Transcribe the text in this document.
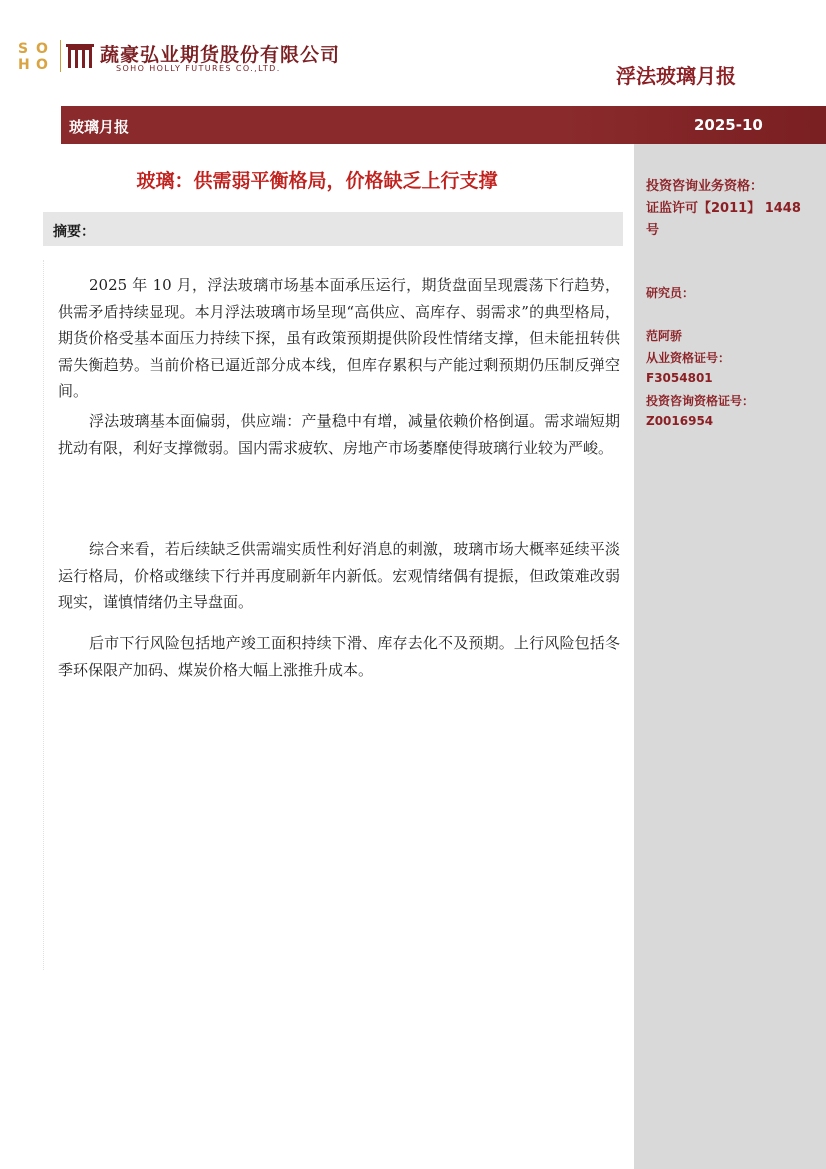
S O
H O	蔬豪弘业期货股份有限公司
SOHO HOLLY FUTURES CO.,LTD.	浮法玻璃月报
玻璃月报	2025-10
投资咨询业务资格：
证监许可【2011】 1448
号
研究员：
范阿骄
从业资格证号：
F3054801
投资咨询资格证号：
Z0016954
玻璃：供需弱平衡格局，价格缺乏上行支撑
摘要：

2025 年 10 月，浮法玻璃市场基本面承压运行，期货盘面呈现震荡下行趋势，供需矛盾持续显现。本月浮法玻璃市场呈现“高供应、高库存、弱需求”的典型格局，期货价格受基本面压力持续下探，虽有政策预期提供阶段性情绪支撑，但未能扭转供需失衡趋势。当前价格已逼近部分成本线，但库存累积与产能过剩预期仍压制反弹空间。

浮法玻璃基本面偏弱，供应端：产量稳中有增，减量依赖价格倒逼。需求端短期扰动有限，利好支撑微弱。国内需求疲软、房地产市场萎靡使得玻璃行业较为严峻。

综合来看，若后续缺乏供需端实质性利好消息的刺激，玻璃市场大概率延续平淡运行格局，价格或继续下行并再度刷新年内新低。宏观情绪偶有提振，但政策难改弱现实，谨慎情绪仍主导盘面。

后市下行风险包括地产竣工面积持续下滑、库存去化不及预期。上行风险包括冬季环保限产加码、煤炭价格大幅上涨推升成本。
